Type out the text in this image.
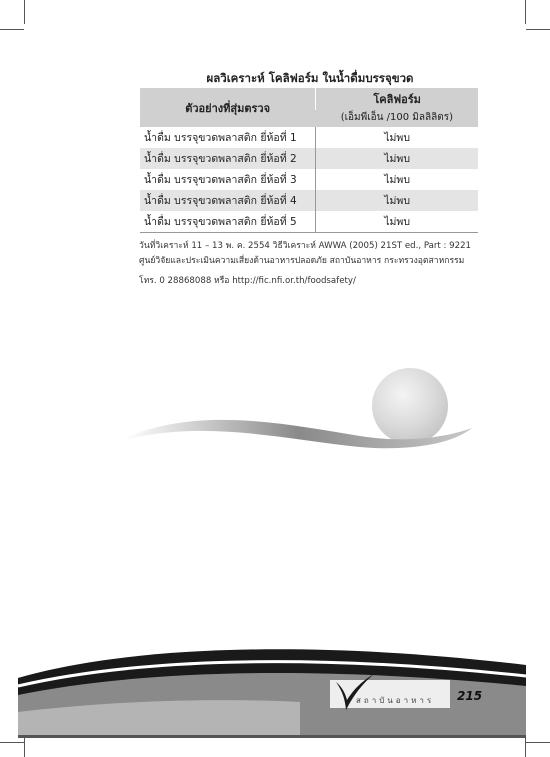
ผลวิเคราะห์ โคลิฟอร์ม ในน้ำดื่มบรรจุขวด
ตัวอย่างที่สุ่มตรวจ	โคลิฟอร์ม
	(เอ็มพีเอ็น /100 มิลลิลิตร)
น้ำดื่ม บรรจุขวดพลาสติก ยี่ห้อที่ 1	ไม่พบ
น้ำดื่ม บรรจุขวดพลาสติก ยี่ห้อที่ 2	ไม่พบ
น้ำดื่ม บรรจุขวดพลาสติก ยี่ห้อที่ 3	ไม่พบ
น้ำดื่ม บรรจุขวดพลาสติก ยี่ห้อที่ 4	ไม่พบ
น้ำดื่ม บรรจุขวดพลาสติก ยี่ห้อที่ 5	ไม่พบ
วันที่วิเคราะห์ 11 – 13 พ. ค. 2554 วิธีวิเคราะห์ AWWA (2005) 21ST ed., Part : 9221
ศูนย์วิจัยและประเมินความเสี่ยงด้านอาหารปลอดภัย สถาบันอาหาร กระทรวงอุตสาหกรรม
โทร. 0 28868088 หรือ http://fic.nfi.or.th/foodsafety/
สถาบันอาหาร 215
